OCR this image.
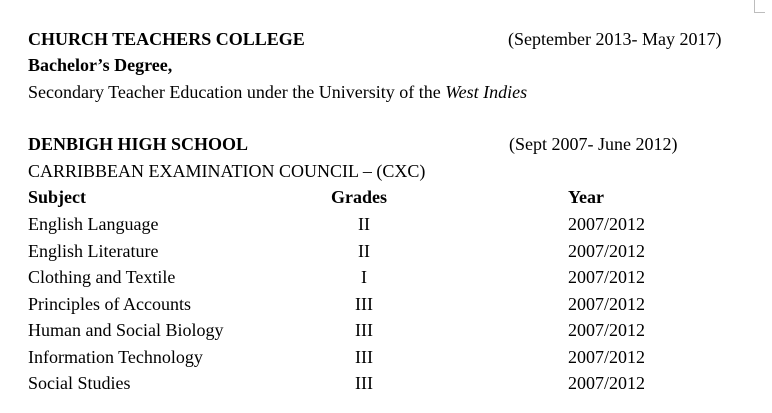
CHURCH TEACHERS COLLEGE	(September 2013- May 2017)
Bachelor’s Degree,
Secondary Teacher Education under the University of the West Indies
DENBIGH HIGH SCHOOL	(Sept 2007- June 2012)
CARRIBBEAN EXAMINATION COUNCIL – (CXC)
Subject	Grades	Year
English Language	II	2007/2012
English Literature	II	2007/2012
Clothing and Textile	I	2007/2012
Principles of Accounts	III	2007/2012
Human and Social Biology	III	2007/2012
Information Technology	III	2007/2012
Social Studies	III	2007/2012
